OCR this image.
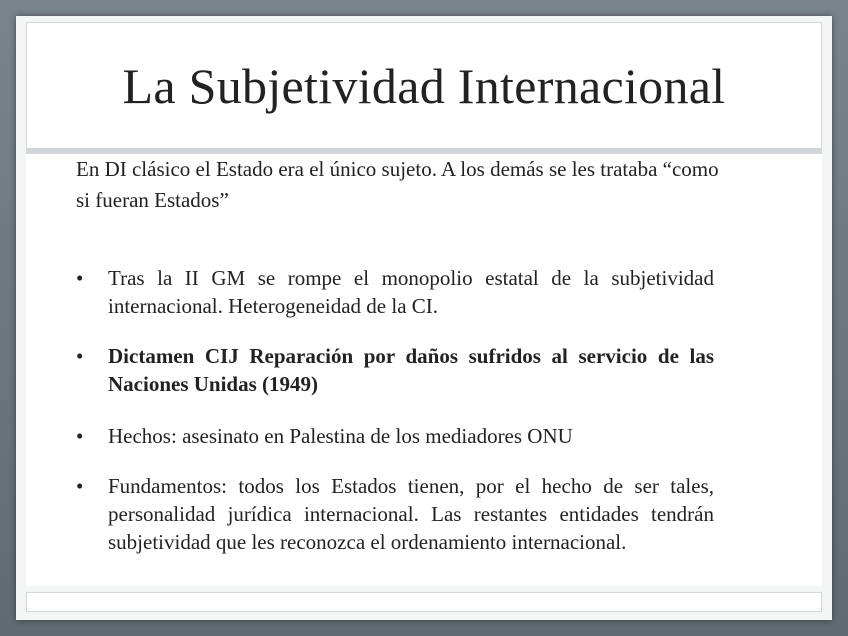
La Subjetividad Internacional
En DI clásico el Estado era el único sujeto. A los demás se les trataba “como si fueran Estados”
•	Tras la II GM se rompe el monopolio estatal de la subjetividad internacional. Heterogeneidad de la CI.
•	Dictamen CIJ Reparación por daños sufridos al servicio de las Naciones Unidas (1949)
•	Hechos: asesinato en Palestina de los mediadores ONU
•	Fundamentos: todos los Estados tienen, por el hecho de ser tales, personalidad jurídica internacional. Las restantes entidades tendrán subjetividad que les reconozca el ordenamiento internacional.
